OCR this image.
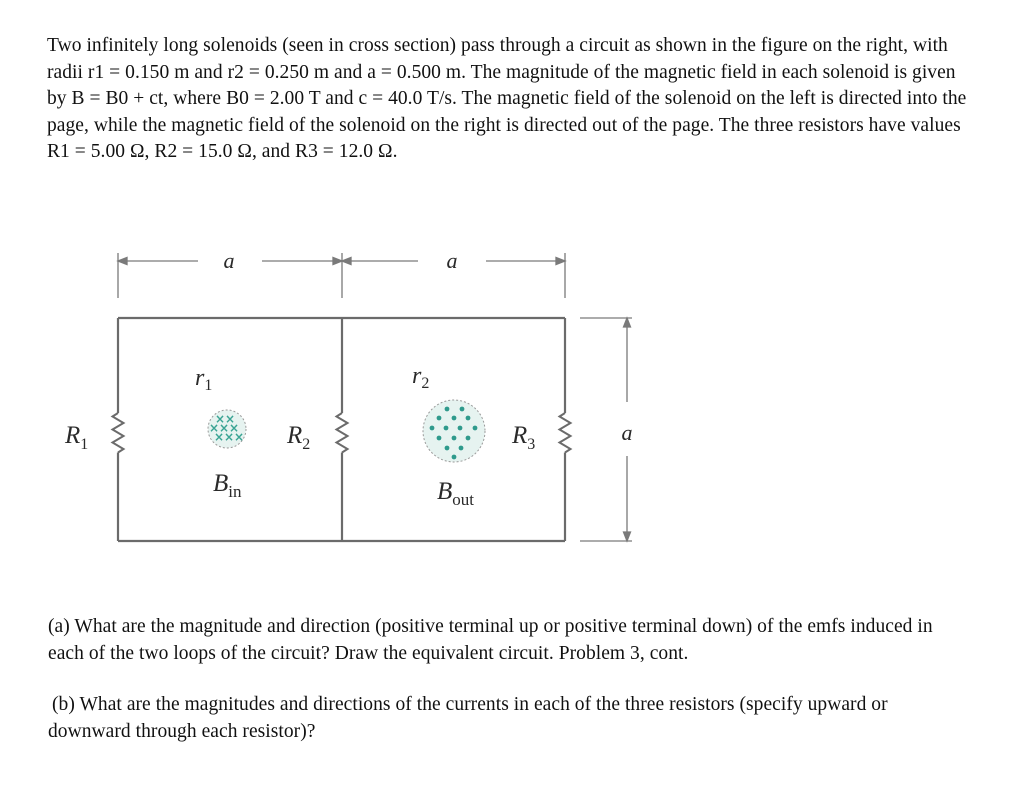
Two infinitely long solenoids (seen in cross section) pass through a circuit as shown in the figure on the right, with radii r1 = 0.150 m and r2 = 0.250 m and a = 0.500 m. The magnitude of the magnetic field in each solenoid is given by B = B0 + ct, where B0 = 2.00 T and c = 40.0 T/s. The magnetic field of the solenoid on the left is directed into the page, while the magnetic field of the solenoid on the right is directed out of the page. The three resistors have values R1 = 5.00 Ω, R2 = 15.0 Ω, and R3 = 12.0 Ω.

a	a
a
$R_1$	$R_2$	$R_3$
$r_1$	$r_2$
× ×
× × ×
× × ×
$B_{in}$	$B_{out}$

(a) What are the magnitude and direction (positive terminal up or positive terminal down) of the emfs induced in each of the two loops of the circuit? Draw the equivalent circuit. Problem 3, cont.

(b) What are the magnitudes and directions of the currents in each of the three resistors (specify upward or downward through each resistor)?
